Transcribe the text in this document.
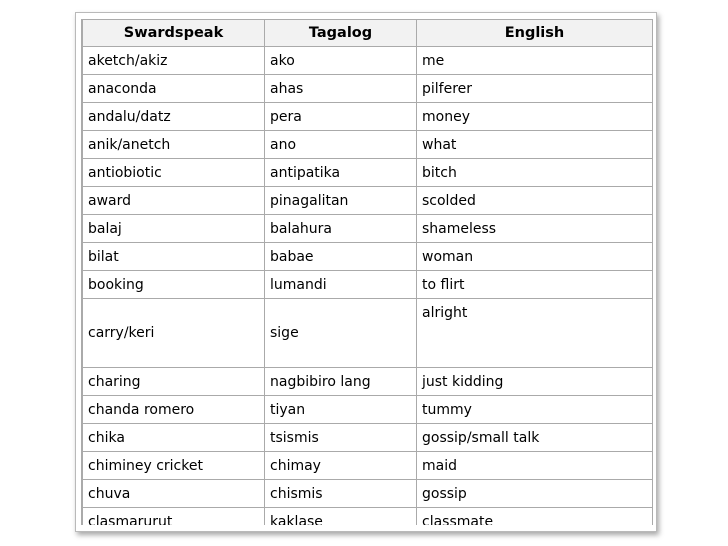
Swardspeak	Tagalog	English
aketch/akiz	ako	me
anaconda	ahas	pilferer
andalu/datz	pera	money
anik/anetch	ano	what
antiobiotic	antipatika	bitch
award	pinagalitan	scolded
balaj	balahura	shameless
bilat	babae	woman
booking	lumandi	to flirt
carry/keri	sige	alright
charing	nagbibiro lang	just kidding
chanda romero	tiyan	tummy
chika	tsismis	gossip/small talk
chiminey cricket	chimay	maid
chuva	chismis	gossip
clasmarurut	kaklase	classmate
